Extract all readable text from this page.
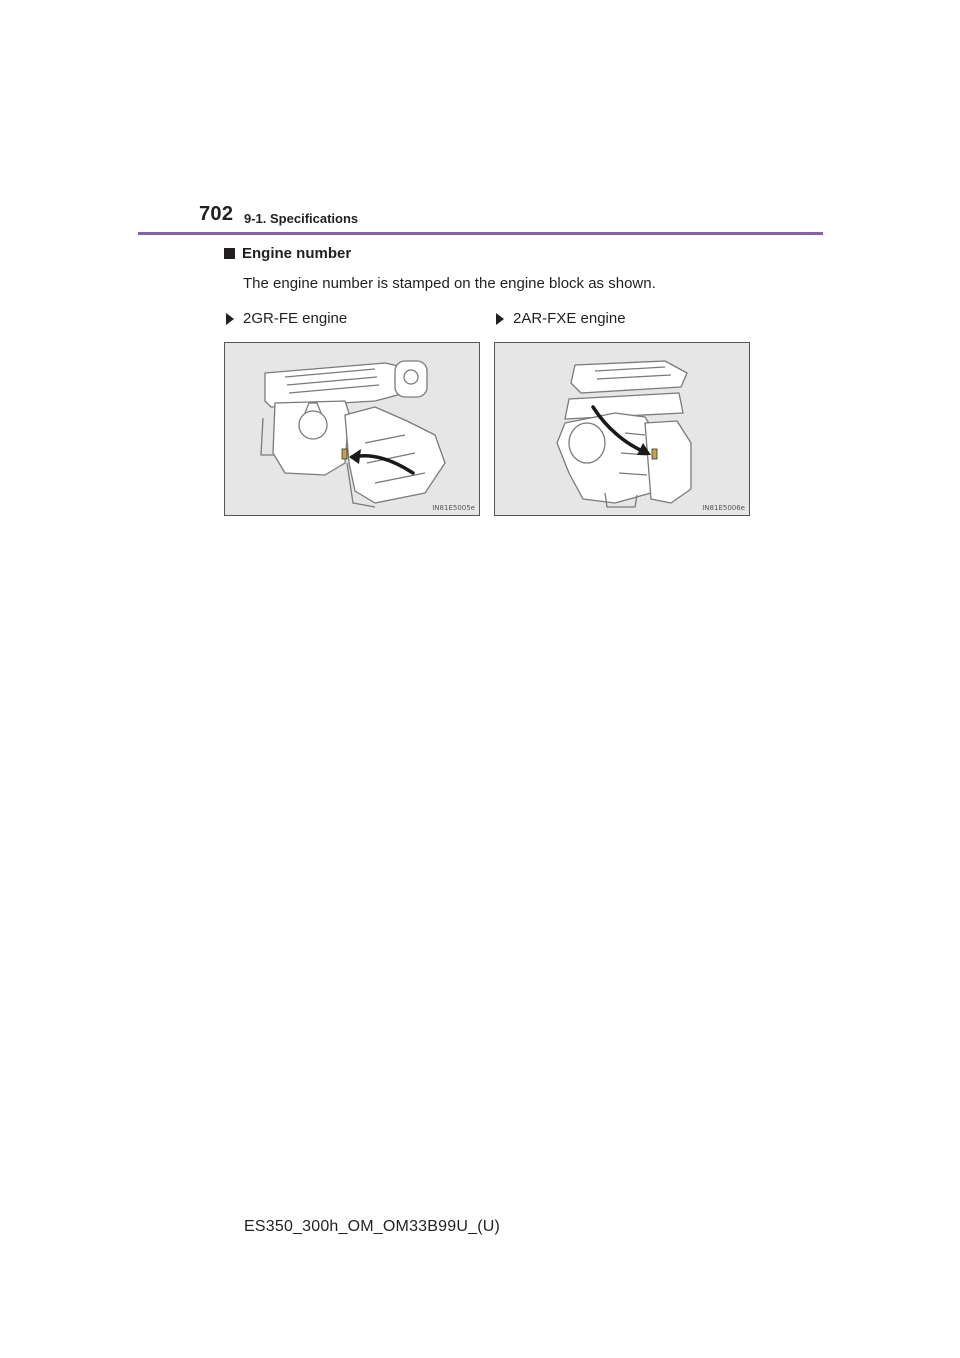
702 9-1. Specifications
Engine number
The engine number is stamped on the engine block as shown.
2GR-FE engine	2AR-FXE engine
IN81E5005e	IN81E5006e
ES350_300h_OM_OM33B99U_(U)
